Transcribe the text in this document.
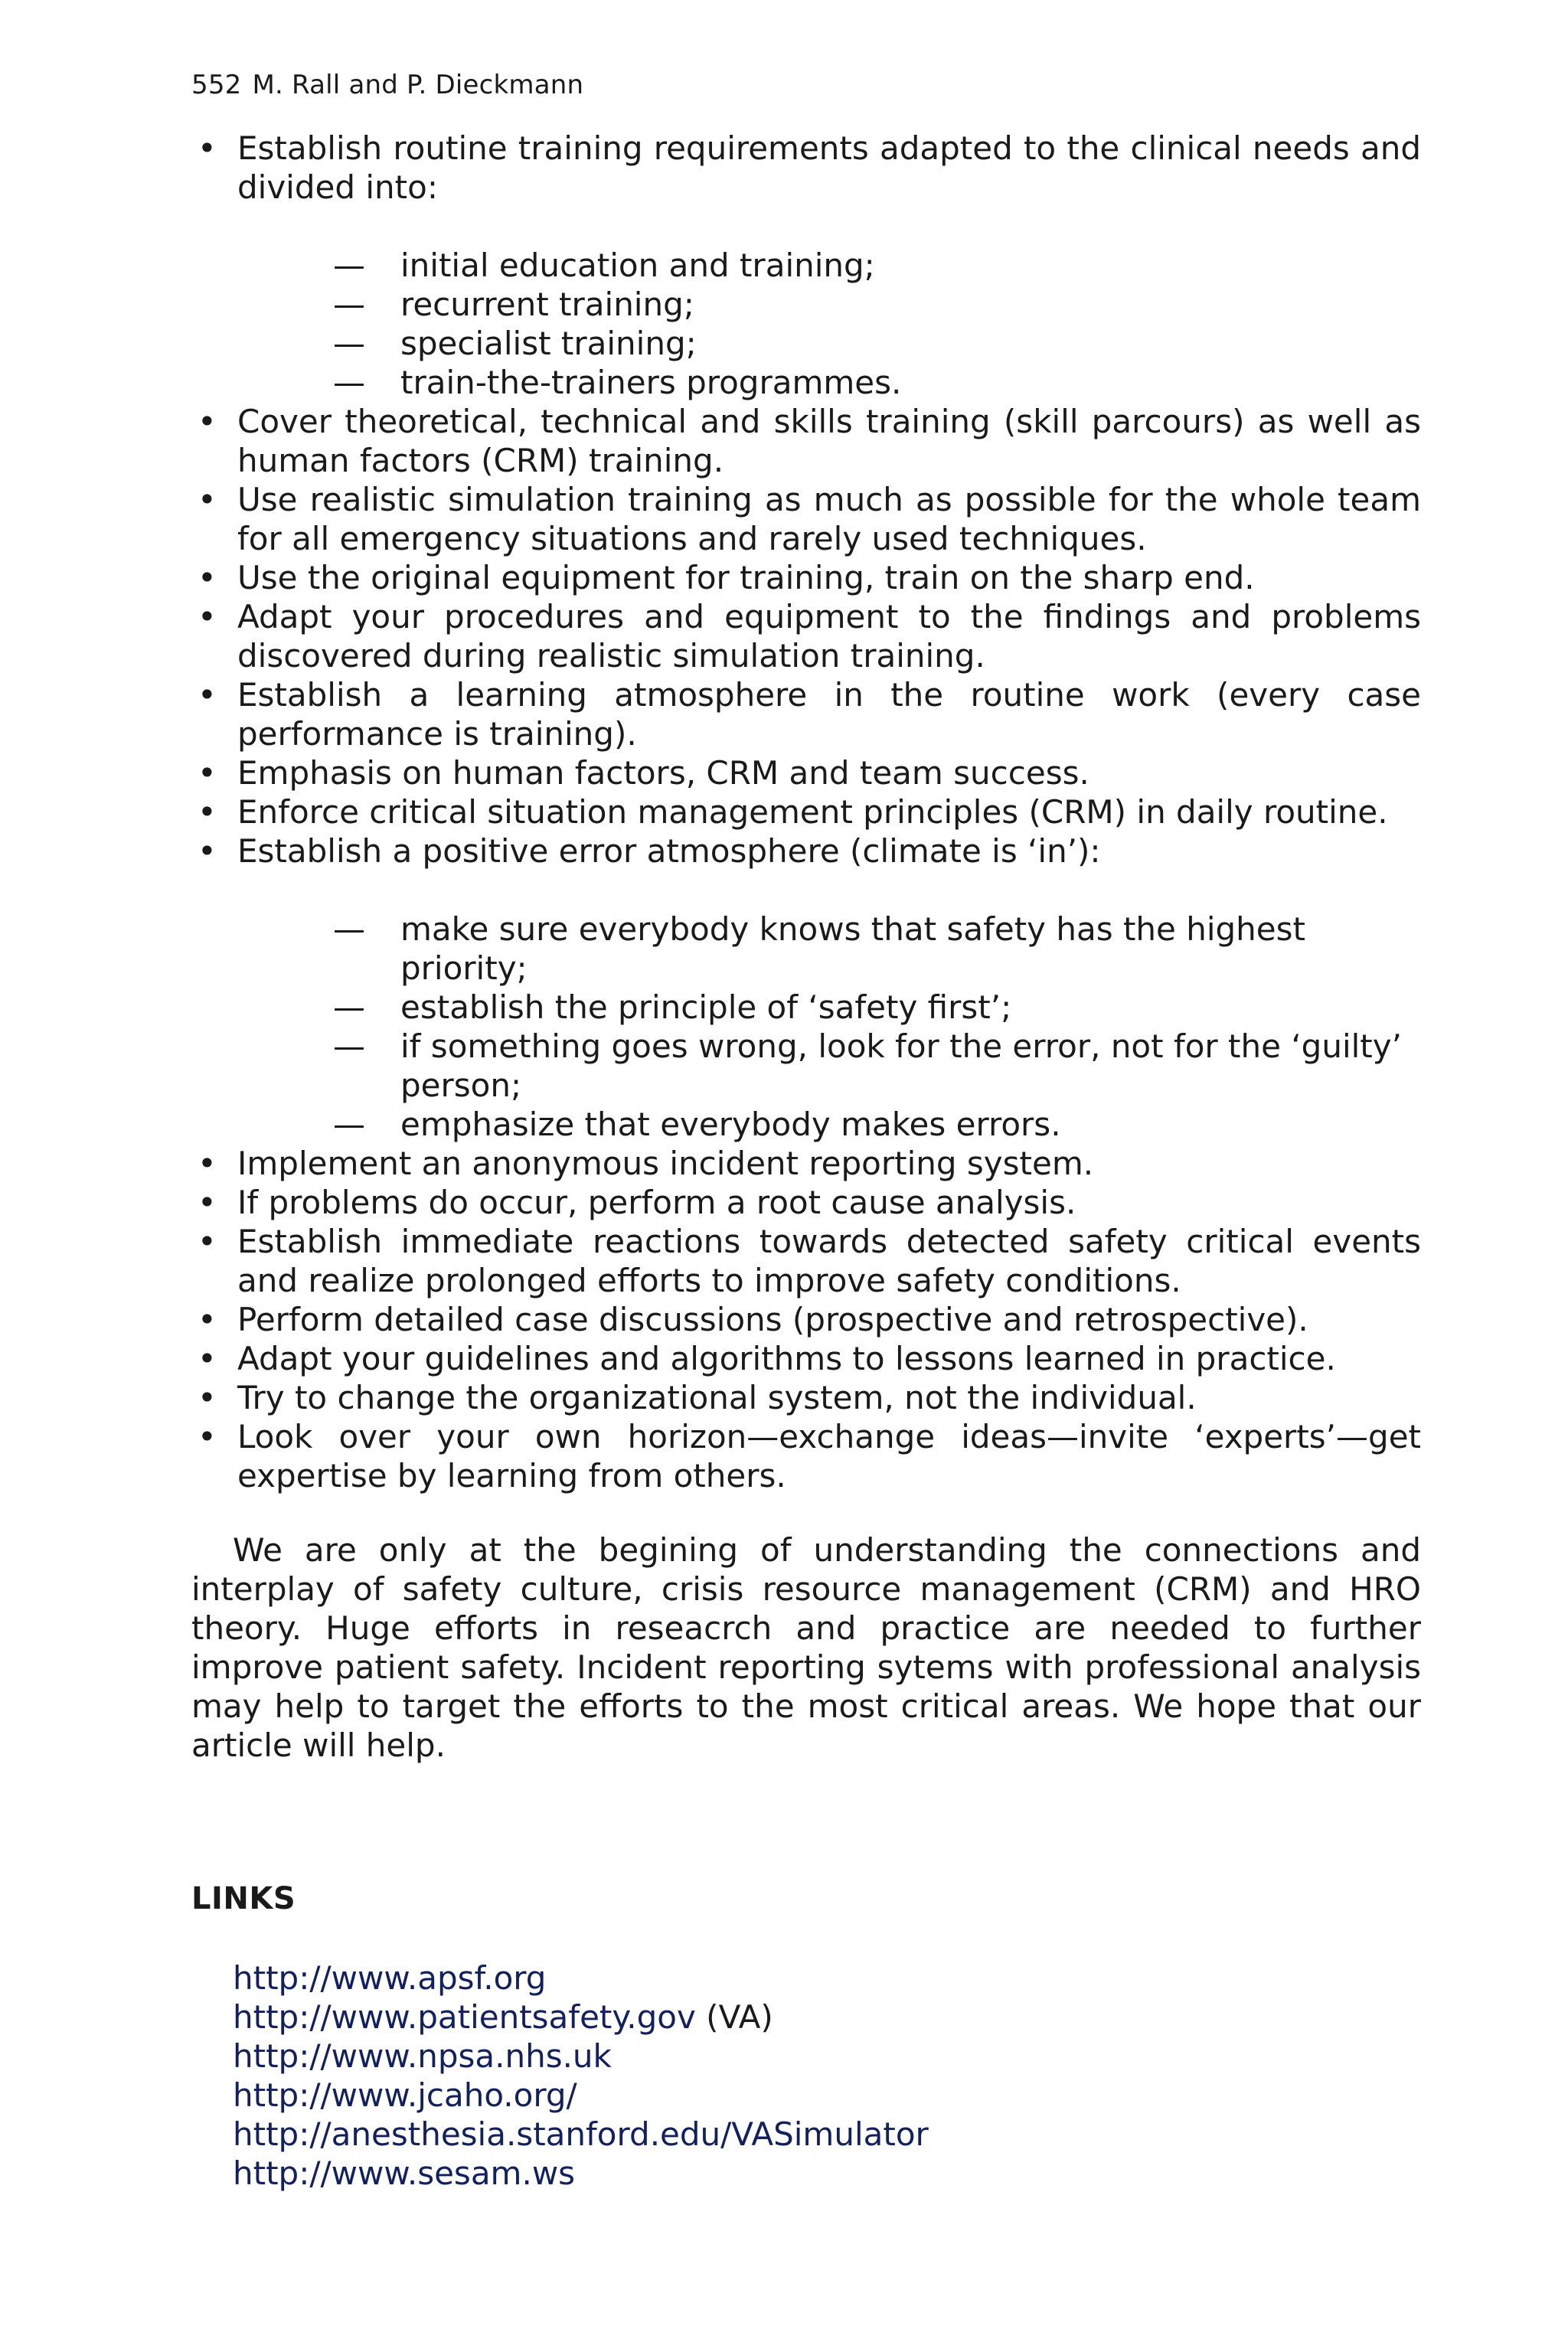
552 M. Rall and P. Dieckmann
• Establish routine training requirements adapted to the clinical needs and divided into:
— initial education and training;
— recurrent training;
— specialist training;
— train-the-trainers programmes.
• Cover theoretical, technical and skills training (skill parcours) as well as human factors (CRM) training.
• Use realistic simulation training as much as possible for the whole team for all emergency situations and rarely used techniques.
• Use the original equipment for training, train on the sharp end.
• Adapt your procedures and equipment to the findings and problems discovered during realistic simulation training.
• Establish a learning atmosphere in the routine work (every case performance is training).
• Emphasis on human factors, CRM and team success.
• Enforce critical situation management principles (CRM) in daily routine.
• Establish a positive error atmosphere (climate is ‘in’):
— make sure everybody knows that safety has the highest priority;
— establish the principle of ‘safety first’;
— if something goes wrong, look for the error, not for the ‘guilty’ person;
— emphasize that everybody makes errors.
• Implement an anonymous incident reporting system.
• If problems do occur, perform a root cause analysis.
• Establish immediate reactions towards detected safety critical events and realize prolonged efforts to improve safety conditions.
• Perform detailed case discussions (prospective and retrospective).
• Adapt your guidelines and algorithms to lessons learned in practice.
• Try to change the organizational system, not the individual.
• Look over your own horizon—exchange ideas—invite ‘experts’—get expertise by learning from others.

We are only at the begining of understanding the connections and interplay of safety culture, crisis resource management (CRM) and HRO theory. Huge efforts in reseacrch and practice are needed to further improve patient safety. Incident reporting sytems with professional analysis may help to target the efforts to the most critical areas. We hope that our article will help.

LINKS
http://www.apsf.org
http://www.patientsafety.gov (VA)
http://www.npsa.nhs.uk
http://www.jcaho.org/
http://anesthesia.stanford.edu/VASimulator
http://www.sesam.ws
